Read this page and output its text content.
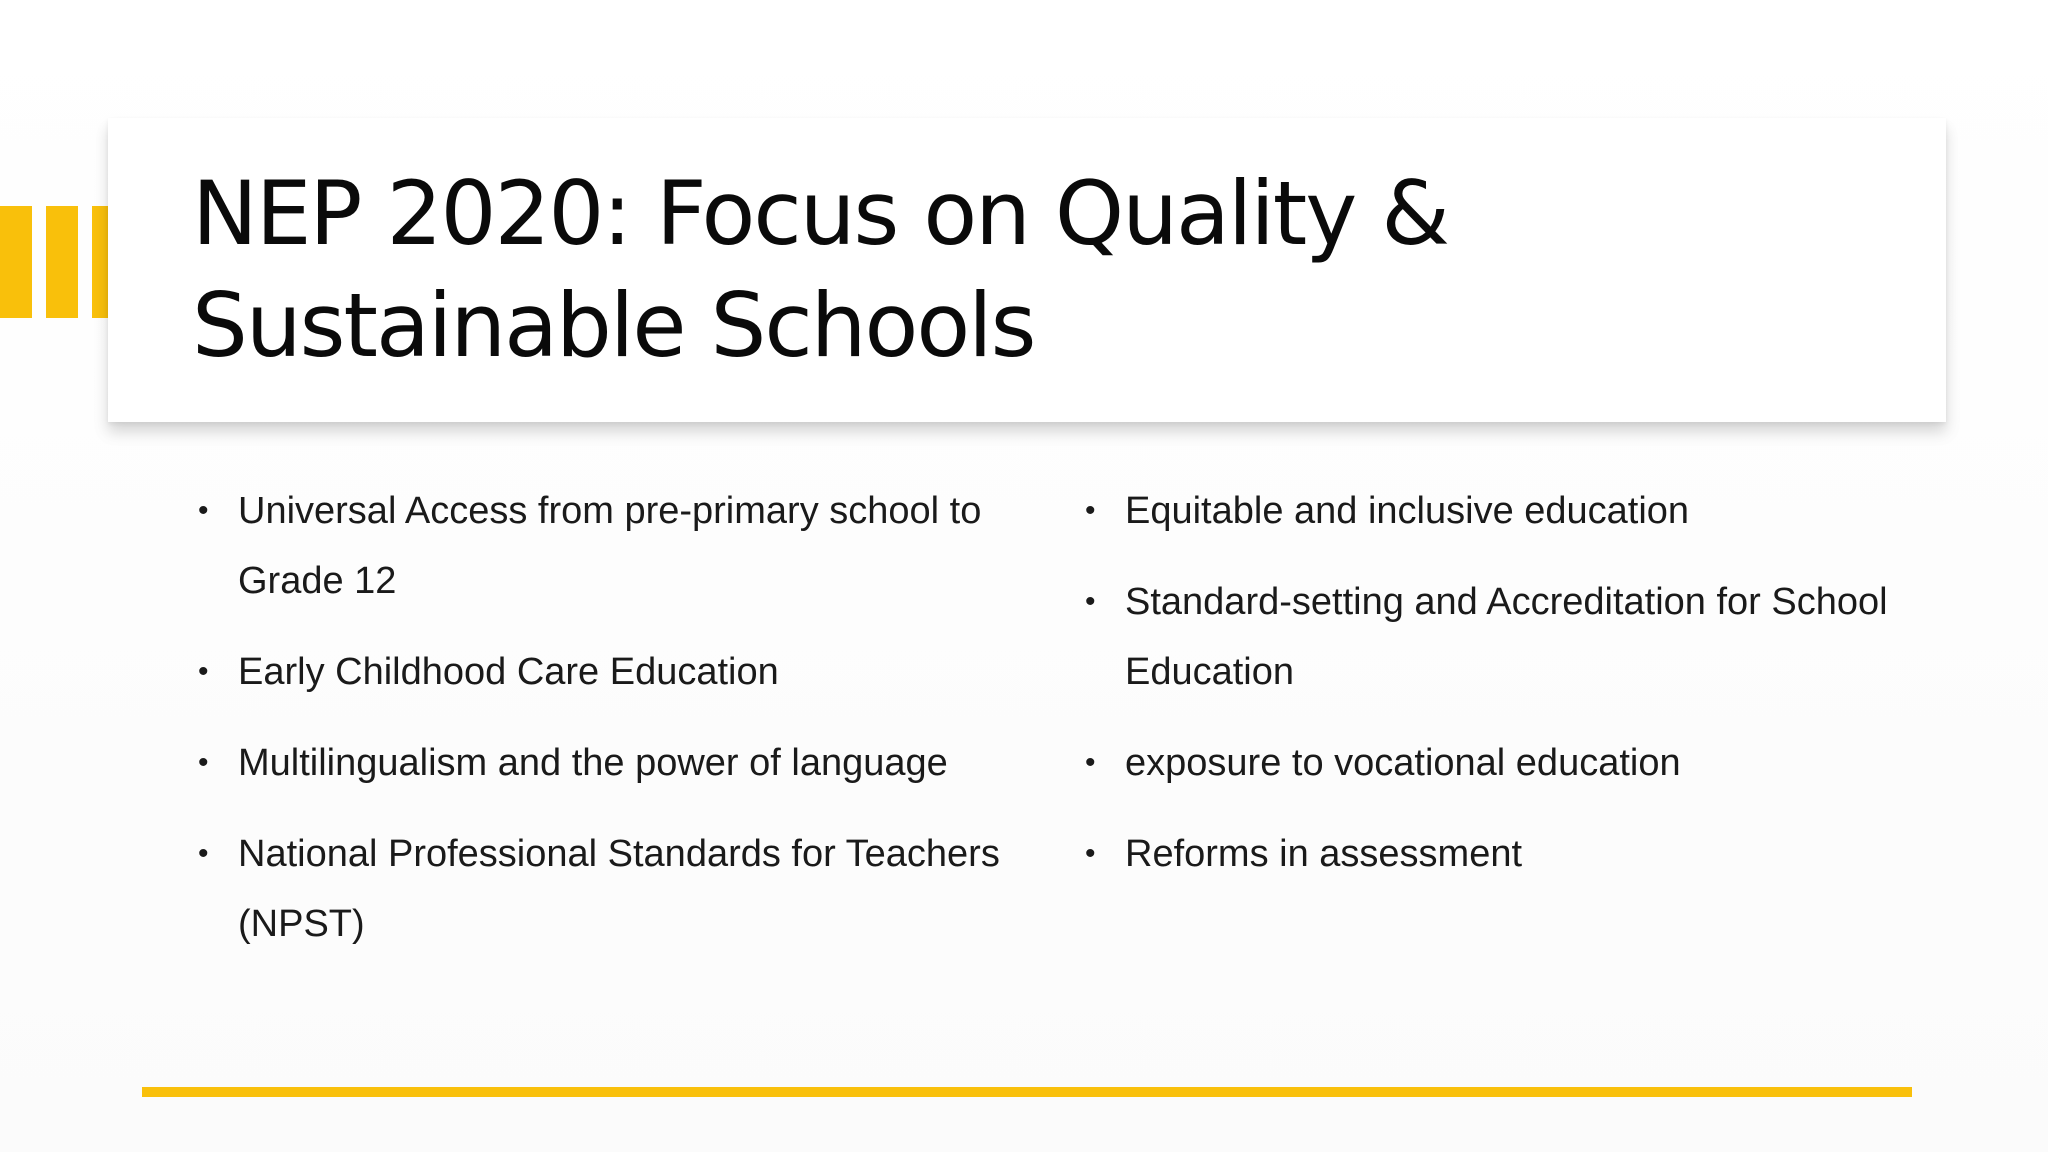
NEP 2020: Focus on Quality & Sustainable Schools
• Universal Access from pre-primary school to Grade 12
• Early Childhood Care Education
• Multilingualism and the power of language
• National Professional Standards for Teachers (NPST)
• Equitable and inclusive education
• Standard-setting and Accreditation for School Education
• exposure to vocational education
• Reforms in assessment
